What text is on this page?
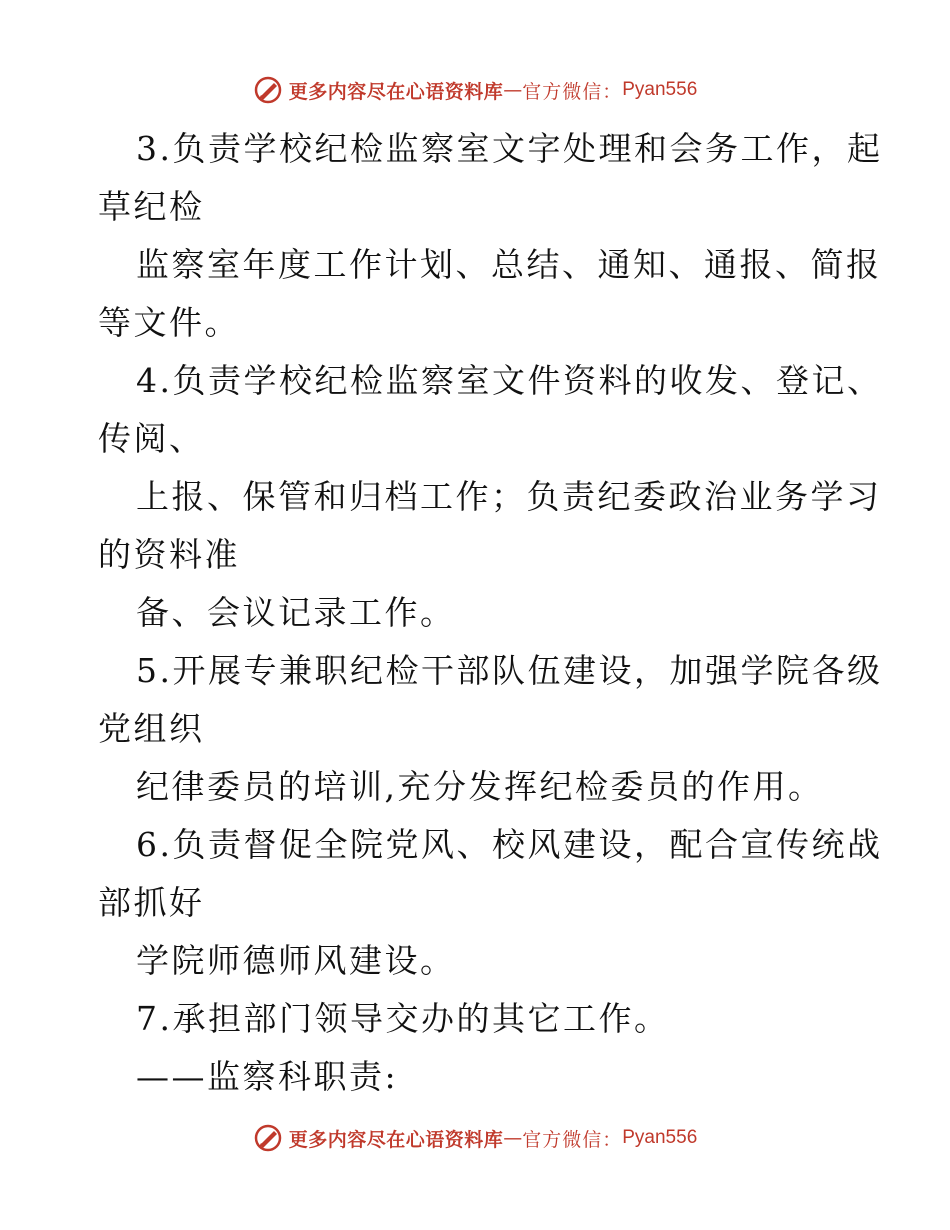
更多内容尽在心语资料库 — 官方微信： Pyan556
3.负责学校纪检监察室文字处理和会务工作，起
草纪检
监察室年度工作计划、总结、通知、通报、简报
等文件。
4.负责学校纪检监察室文件资料的收发、登记、
传阅、
上报、保管和归档工作；负责纪委政治业务学习
的资料准
备、会议记录工作。
5.开展专兼职纪检干部队伍建设，加强学院各级
党组织
纪律委员的培训,充分发挥纪检委员的作用。
6.负责督促全院党风、校风建设，配合宣传统战
部抓好
学院师德师风建设。
7.承担部门领导交办的其它工作。
——监察科职责:
更多内容尽在心语资料库 — 官方微信： Pyan556
